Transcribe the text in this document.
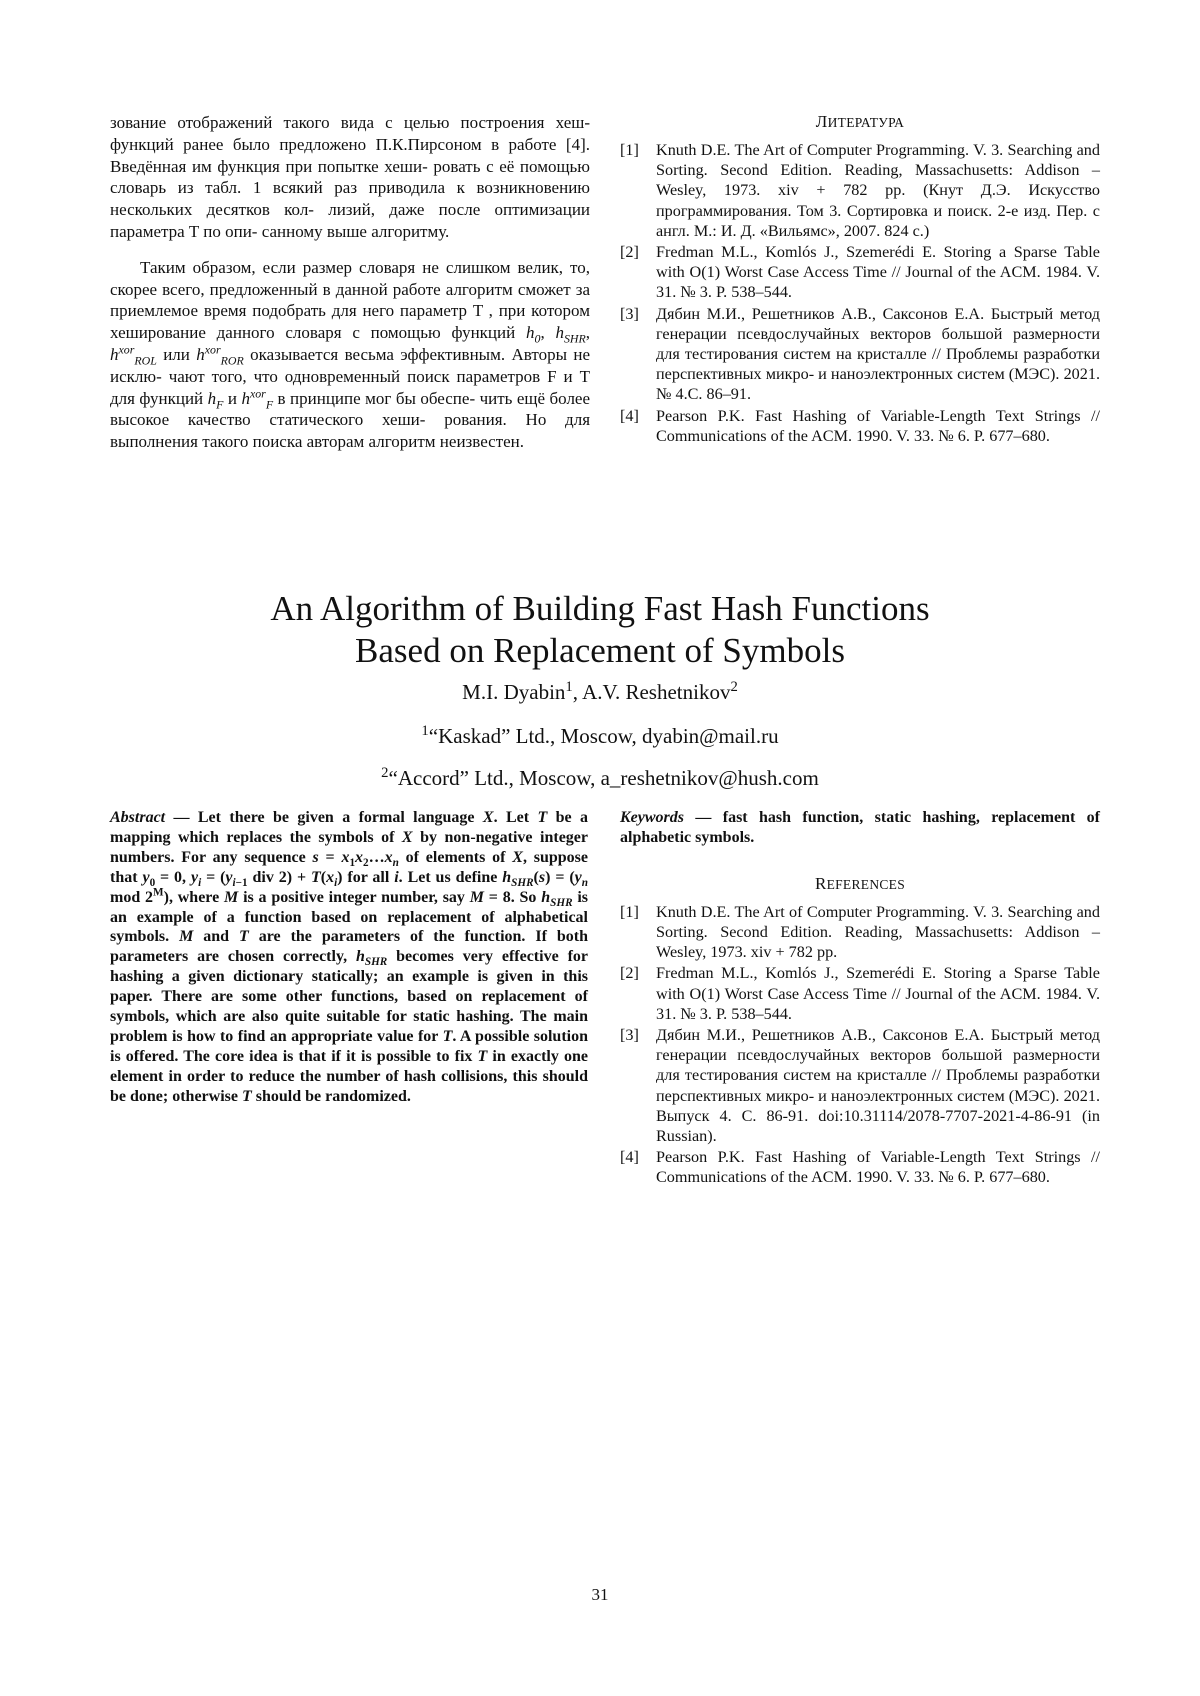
зование отображений такого вида с целью построения хеш-функций ранее было предложено П.К.Пирсоном в работе [4]. Введённая им функция при попытке хеши- ровать с её помощью словарь из табл. 1 всякий раз приводила к возникновению нескольких десятков кол- лизий, даже после оптимизации параметра T по опи- санному выше алгоритму.

Таким образом, если размер словаря не слишком велик, то, скорее всего, предложенный в данной работе алгоритм сможет за приемлемое время подобрать для него параметр T , при котором хеширование данного словаря с помощью функций $h_0$, $h_{SHR}$, $h^{xor}_{ROL}$ или $h^{xor}_{ROR}$ оказывается весьма эффективным. Авторы не исклю- чают того, что одновременный поиск параметров F и T для функций $h_F$ и $h^{xor}_F$ в принципе мог бы обеспе- чить ещё более высокое качество статического хеши- рования. Но для выполнения такого поиска авторам алгоритм неизвестен.

ЛИТЕРАТУРА
[1]	Knuth D.E. The Art of Computer Programming. V. 3. Searching and Sorting. Second Edition. Reading, Massachusetts: Addison – Wesley, 1973. xiv + 782 pp. (Кнут Д.Э. Искусство программирования. Том 3. Сортировка и поиск. 2-е изд. Пер. с англ. М.: И. Д. «Вильямс», 2007. 824 с.)
[2]	Fredman M.L., Komlós J., Szemerédi E. Storing a Sparse Table with O(1) Worst Case Access Time // Journal of the ACM. 1984. V. 31. № 3. P. 538–544.
[3]	Дябин М.И., Решетников А.В., Саксонов Е.А. Быстрый метод генерации псевдослучайных векторов большой размерности для тестирования систем на кристалле // Проблемы разработки перспективных микро- и наноэлектронных систем (МЭС). 2021. № 4.С. 86–91.
[4]	Pearson P.K. Fast Hashing of Variable-Length Text Strings // Communications of the ACM. 1990. V. 33. № 6. P. 677–680.
An Algorithm of Building Fast Hash Functions
Based on Replacement of Symbols
M.I. Dyabin$^1$, A.V. Reshetnikov$^2$
$^1$“Kaskad” Ltd., Moscow, dyabin@mail.ru
$^2$“Accord” Ltd., Moscow, a_reshetnikov@hush.com
Abstract — Let there be given a formal language X. Let T be a mapping which replaces the symbols of X by non-negative integer numbers. For any sequence $s = x_1x_2\dots x_n$ of elements of X, suppose that $y_0 = 0$, $y_i = (y_{i-1}$ div $2) + T(x_i)$ for all i. Let us define $h_{SHR}(s) = (y_n$ mod $2^M$), where M is a positive integer number, say M = 8. So $h_{SHR}$ is an example of a function based on replacement of alphabetical symbols. M and T are the parameters of the function. If both parameters are chosen correctly, $h_{SHR}$ becomes very effective for hashing a given dictionary statically; an example is given in this paper. There are some other functions, based on replacement of symbols, which are also quite suitable for static hashing. The main problem is how to find an appropriate value for T. A possible solution is offered. The core idea is that if it is possible to fix T in exactly one element in order to reduce the number of hash collisions, this should be done; otherwise T should be randomized.
Keywords — fast hash function, static hashing, replacement of alphabetic symbols.
REFERENCES
[1]	Knuth D.E. The Art of Computer Programming. V. 3. Searching and Sorting. Second Edition. Reading, Massachusetts: Addison – Wesley, 1973. xiv + 782 pp.
[2]	Fredman M.L., Komlós J., Szemerédi E. Storing a Sparse Table with O(1) Worst Case Access Time // Journal of the ACM. 1984. V. 31. № 3. P. 538–544.
[3]	Дябин М.И., Решетников А.В., Саксонов Е.А. Быстрый метод генерации псевдослучайных векторов большой размерности для тестирования систем на кристалле // Проблемы разработки перспективных микро- и наноэлектронных систем (МЭС). 2021. Выпуск 4. С. 86-91. doi:10.31114/2078-7707-2021-4-86-91 (in Russian).
[4]	Pearson P.K. Fast Hashing of Variable-Length Text Strings // Communications of the ACM. 1990. V. 33. № 6. P. 677–680.
31
